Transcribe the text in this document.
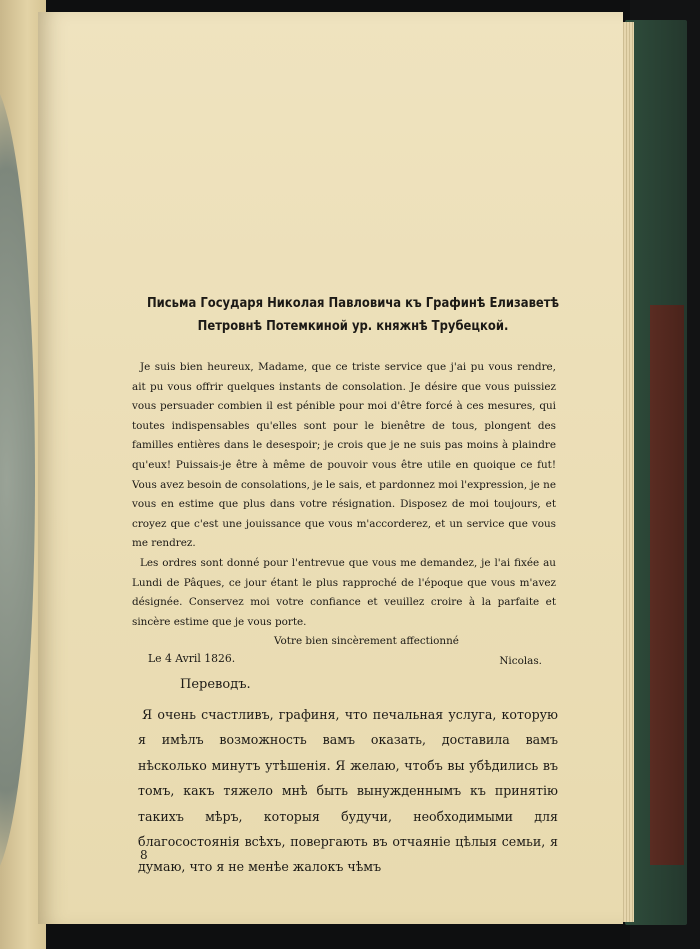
Письма Государя Николая Павловича къ Графинѣ Елизаветѣ Петровнѣ Потемкиной ур. княжнѣ Трубецкой.

Je suis bien heureux, Madame, que ce triste service que j'ai pu vous rendre, ait pu vous offrir quelques instants de consolation. Je désire que vous puissiez vous persuader combien il est pénible pour moi d'être forcé à ces mesures, qui toutes indispensables qu'elles sont pour le bienêtre de tous, plongent des familles entières dans le desespoir; je crois que je ne suis pas moins à plaindre qu'eux! Puissais-je être à même de pouvoir vous être utile en quoique ce fut! Vous avez besoin de consolations, je le sais, et pardonnez moi l'expression, je ne vous en estime que plus dans votre résignation. Disposez de moi toujours, et croyez que c'est une jouissance que vous m'accorderez, et un service que vous me rendrez.

Les ordres sont donné pour l'entrevue que vous me demandez, je l'ai fixée au Lundi de Pâques, ce jour étant le plus rapproché de l'époque que vous m'avez désignée. Conservez moi votre confiance et veuillez croire à la parfaite et sincère estime que je vous porte.

Votre bien sincèrement affectionné

Nicolas.

Le 4 Avril 1826.
Переводъ.

Я очень счастливъ, графиня, что печальная услуга, которую я имѣлъ возможность вамъ оказать, доставила вамъ нѣсколько минутъ утѣшенія. Я желаю, чтобъ вы убѣдились въ томъ, какъ тяжело мнѣ быть вынужденнымъ къ принятію такихъ мѣръ, которыя будучи, необходимыми для благосостоянія всѣхъ, повергають въ отчаяніе цѣлыя семьи, я думаю, что я не менѣе жалокъ чѣмъ

8
